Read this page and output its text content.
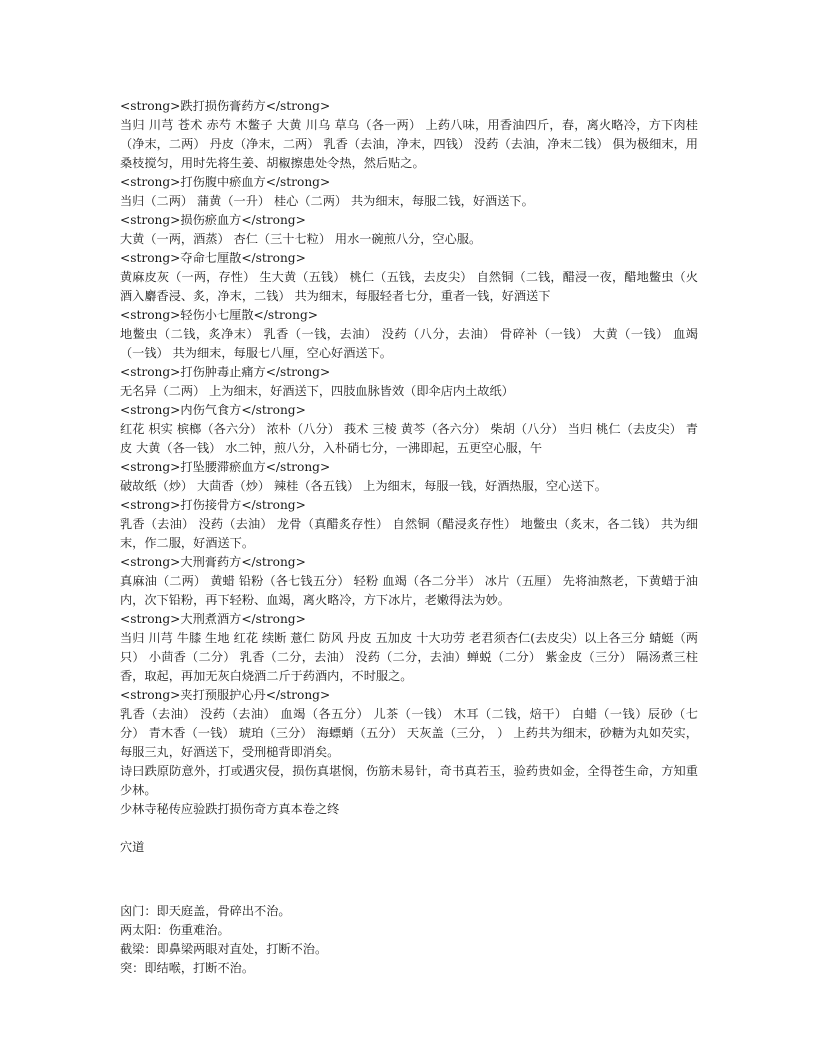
<strong>跌打损伤膏药方</strong>

当归 川芎 苍术 赤芍 木鳖子 大黄 川乌 草乌（各一两） 上药八味，用香油四斤，春，离火略冷，方下肉桂（净末，二两） 丹皮（净末，二两） 乳香（去油，净末，四钱） 没药（去油，净末二钱） 俱为极细末，用桑枝搅匀，用时先将生姜、胡椒擦患处令热，然后贴之。

<strong>打伤腹中瘀血方</strong>

当归（二两） 蒲黄（一升） 桂心（二两） 共为细末，每服二钱，好酒送下。

<strong>损伤瘀血方</strong>

大黄（一两，酒蒸） 杏仁（三十七粒） 用水一碗煎八分，空心服。

<strong>夺命七厘散</strong>

黄麻皮灰（一两，存性） 生大黄（五钱） 桃仁（五钱，去皮尖） 自然铜（二钱，醋浸一夜，醋地鳖虫（火酒入麝香浸、炙，净末，二钱） 共为细末，每服轻者七分，重者一钱，好酒送下

<strong>轻伤小七厘散</strong>

地鳖虫（二钱，炙净末） 乳香（一钱，去油） 没药（八分，去油） 骨碎补（一钱） 大黄（一钱） 血竭（一钱） 共为细末，每服七八厘，空心好酒送下。

<strong>打伤肿毒止痛方</strong>

无名异（二两） 上为细末，好酒送下，四肢血脉皆效（即伞店内土故纸）

<strong>内伤气食方</strong>

红花 枳实 槟榔（各六分） 浓朴（八分） 莪术 三棱 黄芩（各六分） 柴胡（八分） 当归 桃仁（去皮尖） 青皮 大黄（各一钱） 水二钟，煎八分，入朴硝七分，一沸即起，五更空心服，午

<strong>打坠腰滞瘀血方</strong>

破故纸（炒） 大茴香（炒） 辣桂（各五钱） 上为细末，每服一钱，好酒热服，空心送下。

<strong>打伤接骨方</strong>

乳香（去油） 没药（去油） 龙骨（真醋炙存性） 自然铜（醋浸炙存性） 地鳖虫（炙末，各二钱） 共为细末，作二服，好酒送下。

<strong>大刑膏药方</strong>

真麻油（二两） 黄蜡 铅粉（各七钱五分） 轻粉 血竭（各二分半） 冰片（五厘） 先将油熬老，下黄蜡于油内，次下铅粉，再下轻粉、血竭，离火略冷，方下冰片，老嫩得法为妙。

<strong>大刑煮酒方</strong>

当归 川芎 牛膝 生地 红花 续断 薏仁 防风 丹皮 五加皮 十大功劳 老君须杏仁(去皮尖）以上各三分 蜻蜓（两只） 小茴香（二分） 乳香（二分，去油） 没药（二分，去油）蝉蜕（二分） 紫金皮（三分） 隔汤煮三柱香，取起，再加无灰白烧酒二斤于药酒内，不时服之。

<strong>夹打预服护心丹</strong>

乳香（去油） 没药（去油） 血竭（各五分） 儿茶（一钱） 木耳（二钱，焙干） 白蜡（一钱）辰砂（七分） 青木香（一钱） 琥珀（三分） 海螵蛸（五分） 天灰盖（三分， ） 上药共为细末，砂糖为丸如芡实，每服三丸，好酒送下，受刑槌背即消矣。

诗曰跌原防意外，打或遇灾侵，损伤真堪悯，伤筋未易针，奇书真若玉，验药贵如金，全得苍生命，方知重少林。

少林寺秘传应验跌打损伤奇方真本卷之终

穴道

囟门：即天庭盖，骨碎出不治。

两太阳：伤重难治。

截梁：即鼻梁两眼对直处，打断不治。

突：即结喉，打断不治。
